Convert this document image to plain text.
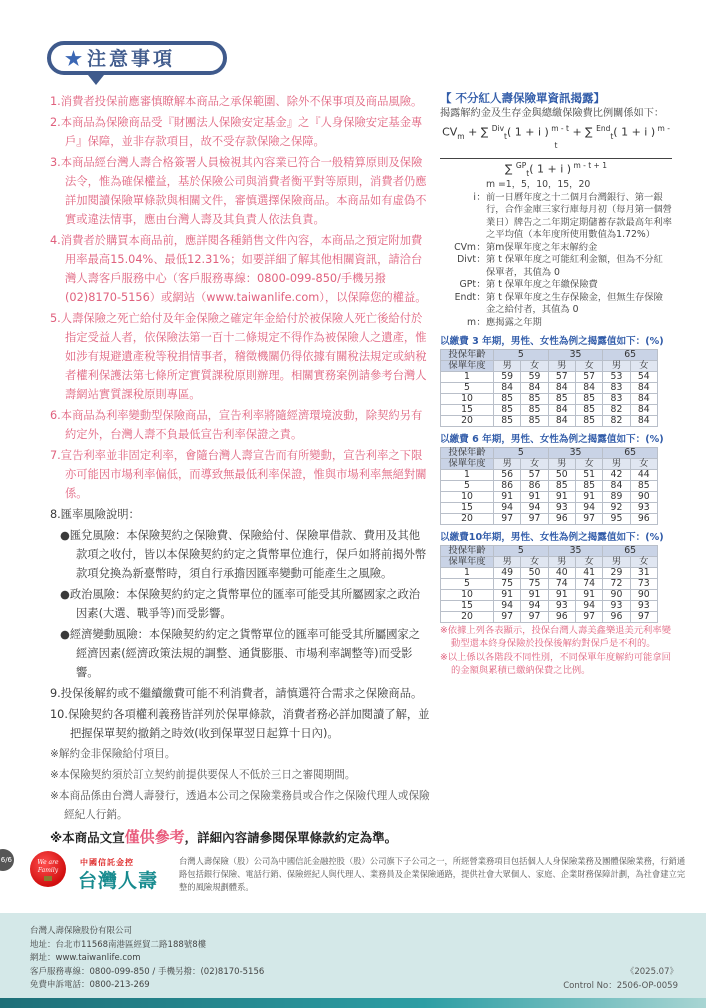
★ 注意事項
1.消費者投保前應審慎瞭解本商品之承保範圍、除外不保事項及商品風險。
2.本商品為保險商品受『財團法人保險安定基金』之『人身保險安定基金專戶』保障，並非存款項目，故不受存款保險之保障。
3.本商品經台灣人壽合格簽署人員檢視其內容業已符合一般精算原則及保險法令，惟為確保權益，基於保險公司與消費者衡平對等原則，消費者仍應詳加閱讀保險單條款與相關文件，審慎選擇保險商品。本商品如有虛偽不實或違法情事，應由台灣人壽及其負責人依法負責。
4.消費者於購買本商品前，應詳閱各種銷售文件內容，本商品之預定附加費用率最高15.04%、最低12.31%；如要詳細了解其他相關資訊，請洽台灣人壽客戶服務中心（客戶服務專線：0800-099-850/手機另撥(02)8170-5156）或網站（www.taiwanlife.com），以保障您的權益。
5.人壽保險之死亡給付及年金保險之確定年金給付於被保險人死亡後給付於指定受益人者，依保險法第一百十二條規定不得作為被保險人之遺產，惟如涉有規避遺產稅等稅捐情事者，稽徵機關仍得依據有關稅法規定或納稅者權利保護法第七條所定實質課稅原則辦理。相關實務案例請參考台灣人壽網站實質課稅原則專區。
6.本商品為利率變動型保險商品，宣告利率將隨經濟環境波動，除契約另有約定外，台灣人壽不負最低宣告利率保證之責。
7.宣告利率並非固定利率，會隨台灣人壽宣告而有所變動，宣告利率之下限亦可能因市場利率偏低，而導致無最低利率保證，惟與市場利率無絕對關係。
8.匯率風險說明：
●匯兌風險：本保險契約之保險費、保險給付、保險單借款、費用及其他款項之收付，皆以本保險契約約定之貨幣單位進行，保戶如將前揭外幣款項兌換為新臺幣時，須自行承擔因匯率變動可能產生之風險。
●政治風險：本保險契約約定之貨幣單位的匯率可能受其所屬國家之政治因素(大選、戰爭等)而受影響。
●經濟變動風險：本保險契約約定之貨幣單位的匯率可能受其所屬國家之經濟因素(經濟政策法規的調整、通貨膨脹、市場利率調整等)而受影響。
9.投保後解約或不繼續繳費可能不利消費者，請慎選符合需求之保險商品。
10.保險契約各項權利義務皆詳列於保單條款，消費者務必詳加閱讀了解，並把握保單契約撤銷之時效(收到保單翌日起算十日內)。
※解約金非保險給付項目。
※本保險契約須於訂立契約前提供要保人不低於三日之審閱期間。
※本商品係由台灣人壽發行，透過本公司之保險業務員或合作之保險代理人或保險經紀人行銷。
※本商品文宣僅供參考，詳細內容請參閱保單條款約定為準。
【 不分紅人壽保險單資訊揭露】
揭露解約金及生存金與總繳保險費比例關係如下：
$CV_m$ + ∑ $^{Div}_t$( 1 + i ) $^{m - t}$ + ∑ $^{End}_t$( 1 + i ) $^{m - t}$
∑ $^{GP}_t$( 1 + i ) $^{m - t + 1}$
m =1，5，10，15，20
i ： 前一日曆年度之十二個月台灣銀行、第一銀行，合作金庫三家行庫每月初（每月第一個營業日）牌告之二年期定期儲蓄存款最高年利率之平均值（本年度所使用數值為1.72%）
CVm ： 第m保單年度之年末解約金
Divt ： 第 t 保單年度之可能紅利金額，但為不分紅保單者，其值為 0
GPt ： 第 t 保單年度之年繳保險費
Endt ： 第 t 保單年度之生存保險金，但無生存保險金之給付者，其值為 0
m ： 應揭露之年期
以繳費 3 年期，男性、女性為例之揭露值如下：(%)
投保年齡	5		35		65	
保單年度	男	女	男	女	男	女
1	59	59	57	57	53	54
5	84	84	84	84	83	84
10	85	85	85	85	83	84
15	85	85	84	85	82	84
20	85	85	84	85	82	84
以繳費 6 年期，男性、女性為例之揭露值如下：(%)
投保年齡	5		35		65	
保單年度	男	女	男	女	男	女
1	56	57	50	51	42	44
5	86	86	85	85	84	85
10	91	91	91	91	89	90
15	94	94	93	94	92	93
20	97	97	96	97	95	96
以繳費10年期，男性、女性為例之揭露值如下：(%)
投保年齡	5		35		65	
保單年度	男	女	男	女	男	女
1	49	50	40	41	29	31
5	75	75	74	74	72	73
10	91	91	91	91	90	90
15	94	94	93	94	93	93
20	97	97	96	97	96	97
※依據上列各表顯示，投保台灣人壽美鑫樂退美元利率變動型還本終身保險於投保後解約對保戶是不利的。
※以上係以各階段不同性別，不同保單年度解約可能拿回的金額與累積已繳納保費之比例。
6/6	We are Family
中國信託金控
台灣人壽
台灣人壽保險（股）公司為中國信託金融控股（股）公司旗下子公司之一，所經營業務項目包括個人人身保險業務及團體保險業務，行銷通路包括銀行保險、電話行銷、保險經紀人與代理人、業務員及企業保險通路，提供社會大眾個人、家庭、企業財務保障計劃，為社會建立完整的風險規劃體系。
台灣人壽保險股份有限公司
地址：台北市11568南港區經貿二路188號8樓
網址：www.taiwanlife.com
客戶服務專線：0800-099-850 / 手機另撥：(02)8170-5156
免費申訴電話：0800-213-269
《2025.07》
Control No：2506-OP-0059
